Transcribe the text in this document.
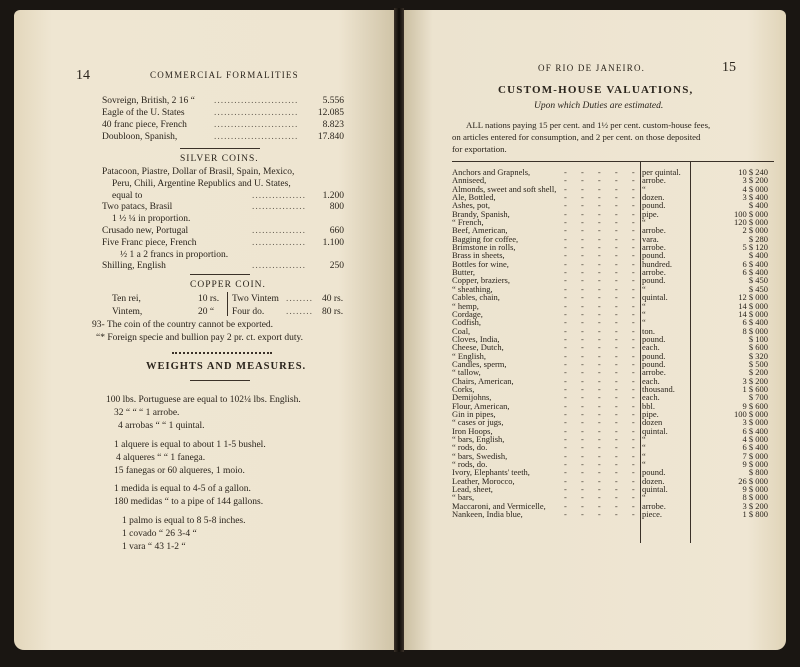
14	COMMERCIAL FORMALITIES
Sovreign, British, 2 16 “ .........................	5.556
Eagle of the U. States	......................... 12.085
40 franc piece, French	.........................	8.823
Doubloon, Spanish,	......................... 17.840
SILVER COINS.
Patacoon, Piastre, Dollar of Brasil, Spain, Mexico,
Peru, Chili, Argentine Republics and U. States,
equal to	................ 1.200
Two patacs, Brasil	................	800
1 ½ ¼ in proportion.
Crusado new, Portugal	................	660
Five Franc piece, French	................ 1.100
½ 1 a 2 francs in proportion.
Shilling, English	................	250
COPPER COIN.
Ten rei,	10 rs. Two Vintem ........ 40 rs.
Vintem,	20 “ Four do. ........ 80 rs.
93- The coin of the country cannot be exported.
“* Foreign specie and bullion pay 2 pr. ct. export duty.
WEIGHTS AND MEASURES.
100 lbs. Portuguese are equal to 102¼ lbs. English.
32 “ “ “ 1 arrobe.
4 arrobas “ “ 1 quintal.
1 alquere is equal to about 1 1-5 bushel.
4 alqueres “ “ 1 fanega.
15 fanegas or 60 alqueres, 1 moio.
1 medida is equal to 4-5 of a gallon.
180 medidas “ to a pipe of 144 gallons.
1 palmo is equal to 8 5-8 inches.
1 covado “ 26 3-4 “
1 vara “ 43 1-2 “
OF RIO DE JANEIRO.	15
CUSTOM-HOUSE VALUATIONS,
Upon which Duties are estimated.
ALL nations paying 15 per cent. and 1½ per cent. custom-house fees,
on articles entered for consumption, and 2 per cent. on those deposited
for exportation.
Anchors and Grapnels,	- - - - - per quintal.	10 $ 240
Anniseed,	- - - - - arrobe.	3 $ 200
Almonds, sweet and soft shell, - - - - - “	4 $ 000
Ale, Bottled,	- - - - - dozen.	3 $ 400
Ashes, pot,	- - - - - pound.	$ 400
Brandy, Spanish,	- - - - - pipe.	100 $ 000
“ French,	- - - - - “	120 $ 000
Beef, American,	- - - - - arrobe.	2 $ 000
Bagging for coffee,	- - - - - vara.	$ 280
Brimstone in rolls,	- - - - - arrobe.	5 $ 120
Brass in sheets,	- - - - - pound.	$ 400
Bottles for wine,	- - - - - hundred.	6 $ 400
Butter,	- - - - - arrobe.	6 $ 400
Copper, braziers,	- - - - - pound.	$ 450
“ sheathing,	- - - - - “	$ 450
Cables, chain,	- - - - - quintal.	12 $ 000
“ hemp,	- - - - - “	14 $ 000
Cordage,	- - - - - “	14 $ 000
Codfish,	- - - - - “	6 $ 400
Coal,	- - - - - ton.	8 $ 000
Cloves, India,	- - - - - pound.	$ 100
Cheese, Dutch,	- - - - - each.	$ 600
“ English,	- - - - - pound.	$ 320
Candles, sperm,	- - - - - pound.	$ 500
“ tallow,	- - - - - arrobe.	$ 200
Chairs, American,	- - - - - each.	3 $ 200
Corks,	- - - - - thousand.	1 $ 600
Demijohns,	- - - - - each.	$ 700
Flour, American,	- - - - - bbl.	9 $ 600
Gin in pipes,	- - - - - pipe.	100 $ 000
“ cases or jugs,	- - - - - dozen	3 $ 000
Iron Hoops,	- - - - - quintal.	6 $ 400
“ bars, English,	- - - - - “	4 $ 000
“ rods, do.	- - - - - “	6 $ 400
“ bars, Swedish,	- - - - - “	7 $ 000
“ rods, do.	- - - - - “	9 $ 000
Ivory, Elephants' teeth,	- - - - - pound.	$ 800
Leather, Morocco,	- - - - - dozen.	26 $ 000
Lead, sheet,	- - - - - quintal.	9 $ 000
“ bars,	- - - - - “	8 $ 000
Maccaroni, and Vermicelle, - - - - - arrobe.	3 $ 200
Nankeen, India blue,	- - - - - piece.	1 $ 800
